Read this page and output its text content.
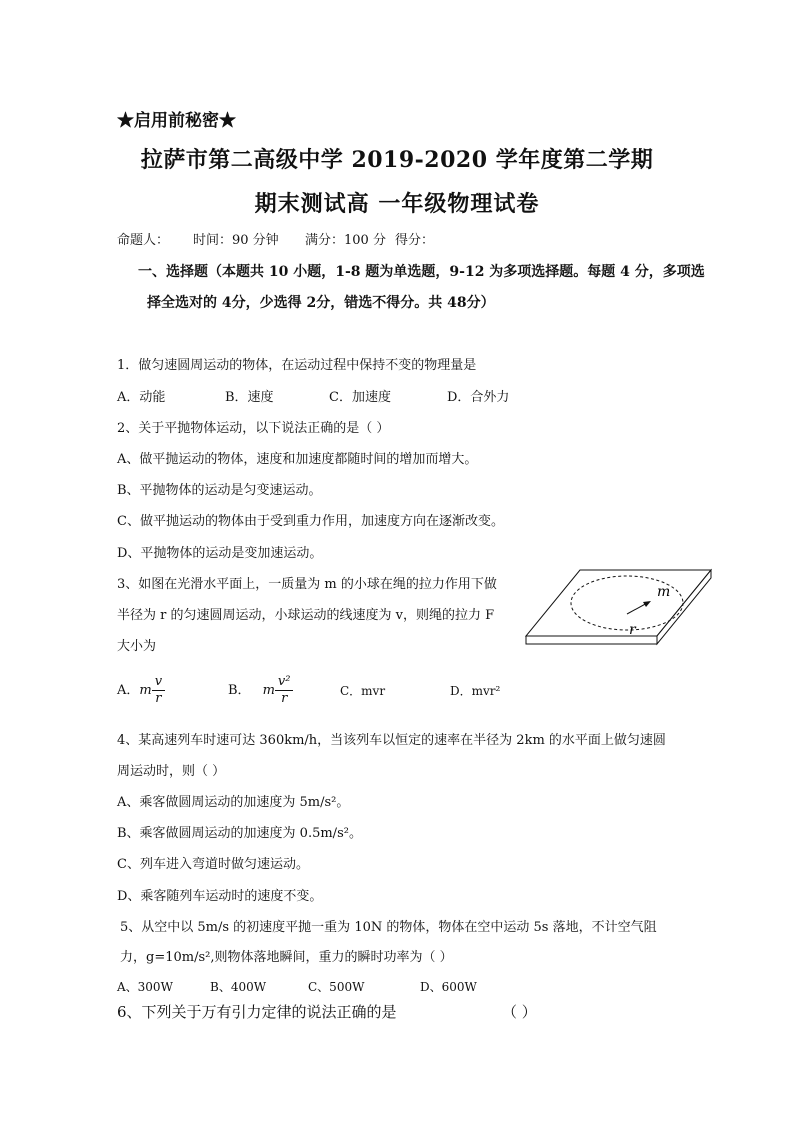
★启用前秘密★
拉萨市第二高级中学 2019-2020 学年度第二学期
期末测试高 一年级物理试卷
命题人： 时间：90 分钟 满分：100 分 得分：
一、选择题（本题共 10 小题，1-8 题为单选题，9-12 为多项选择题。每题 4 分，多项选
择全选对的 4分，少选得 2分，错选不得分。共 48分）
1．做匀速圆周运动的物体，在运动过程中保持不变的物理量是
A．动能	B．速度	C．加速度	D．合外力
2、关于平抛物体运动，以下说法正确的是（ ）
A、做平抛运动的物体，速度和加速度都随时间的增加而增大。
B、平抛物体的运动是匀变速运动。
C、做平抛运动的物体由于受到重力作用，加速度方向在逐渐改变。
D、平抛物体的运动是变加速运动。
3、如图在光滑水平面上，一质量为 m 的小球在绳的拉力作用下做
半径为 r 的匀速圆周运动，小球运动的线速度为 v，则绳的拉力 F
大小为
m
r
A．m $\frac{v}{r}$	B． m $\frac{\text{v²}}{r}$	C．mvr	D．mvr²
4、某高速列车时速可达 360km/h，当该列车以恒定的速率在半径为 2km 的水平面上做匀速圆
周运动时，则（ ）
A、乘客做圆周运动的加速度为 5m/s²。
B、乘客做圆周运动的加速度为 0.5m/s²。
C、列车进入弯道时做匀速运动。
D、乘客随列车运动时的速度不变。
5、从空中以 5m/s 的初速度平抛一重为 10N 的物体，物体在空中运动 5s 落地，不计空气阻
力，g=10m/s²,则物体落地瞬间，重力的瞬时功率为（ ）
A、300W	B、400W	C、500W	D、600W
6、下列关于万有引力定律的说法正确的是	（ ）
